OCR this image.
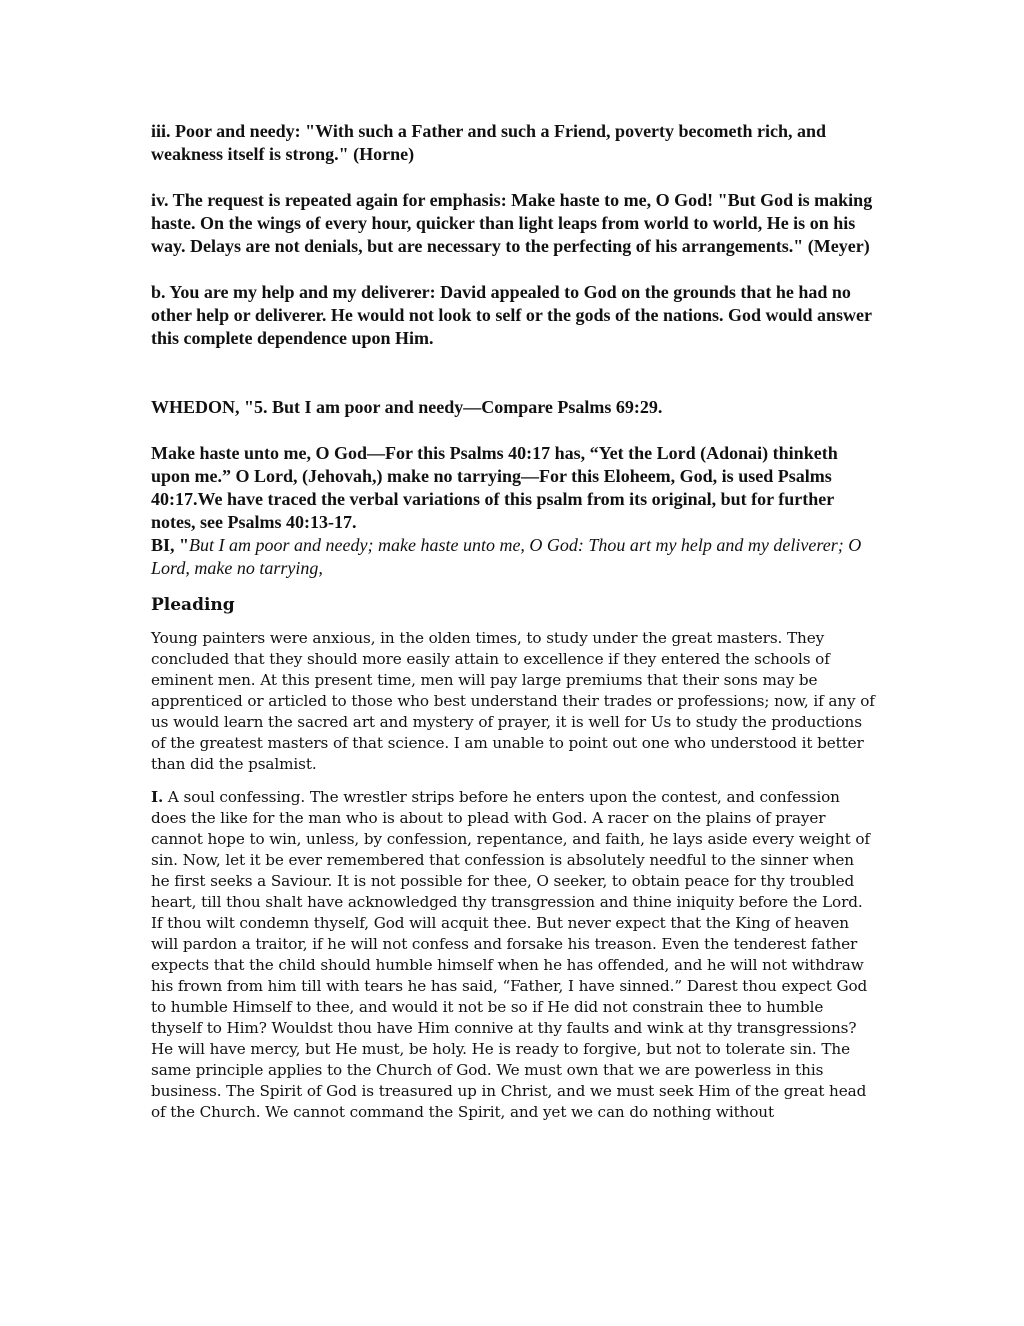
iii. Poor and needy: "With such a Father and such a Friend, poverty becometh rich, and weakness itself is strong." (Horne)

iv. The request is repeated again for emphasis: Make haste to me, O God! "But God is making haste. On the wings of every hour, quicker than light leaps from world to world, He is on his way. Delays are not denials, but are necessary to the perfecting of his arrangements." (Meyer)

b. You are my help and my deliverer: David appealed to God on the grounds that he had no other help or deliverer. He would not look to self or the gods of the nations. God would answer this complete dependence upon Him.

WHEDON, "5. But I am poor and needy—Compare Psalms 69:29.

Make haste unto me, O God—For this Psalms 40:17 has, “Yet the Lord (Adonai) thinketh upon me.” O Lord, (Jehovah,) make no tarrying—For this Eloheem, God, is used Psalms 40:17.We have traced the verbal variations of this psalm from its original, but for further notes, see Psalms 40:13-17.

BI, "But I am poor and needy; make haste unto me, O God: Thou art my help and my deliverer; O Lord, make no tarrying,

Pleading

Young painters were anxious, in the olden times, to study under the great masters. They concluded that they should more easily attain to excellence if they entered the schools of eminent men. At this present time, men will pay large premiums that their sons may be apprenticed or articled to those who best understand their trades or professions; now, if any of us would learn the sacred art and mystery of prayer, it is well for Us to study the productions of the greatest masters of that science. I am unable to point out one who understood it better than did the psalmist.

I. A soul confessing. The wrestler strips before he enters upon the contest, and confession does the like for the man who is about to plead with God. A racer on the plains of prayer cannot hope to win, unless, by confession, repentance, and faith, he lays aside every weight of sin. Now, let it be ever remembered that confession is absolutely needful to the sinner when he first seeks a Saviour. It is not possible for thee, O seeker, to obtain peace for thy troubled heart, till thou shalt have acknowledged thy transgression and thine iniquity before the Lord. If thou wilt condemn thyself, God will acquit thee. But never expect that the King of heaven will pardon a traitor, if he will not confess and forsake his treason. Even the tenderest father expects that the child should humble himself when he has offended, and he will not withdraw his frown from him till with tears he has said, “Father, I have sinned.” Darest thou expect God to humble Himself to thee, and would it not be so if He did not constrain thee to humble thyself to Him? Wouldst thou have Him connive at thy faults and wink at thy transgressions? He will have mercy, but He must, be holy. He is ready to forgive, but not to tolerate sin. The same principle applies to the Church of God. We must own that we are powerless in this business. The Spirit of God is treasured up in Christ, and we must seek Him of the great head of the Church. We cannot command the Spirit, and yet we can do nothing without
